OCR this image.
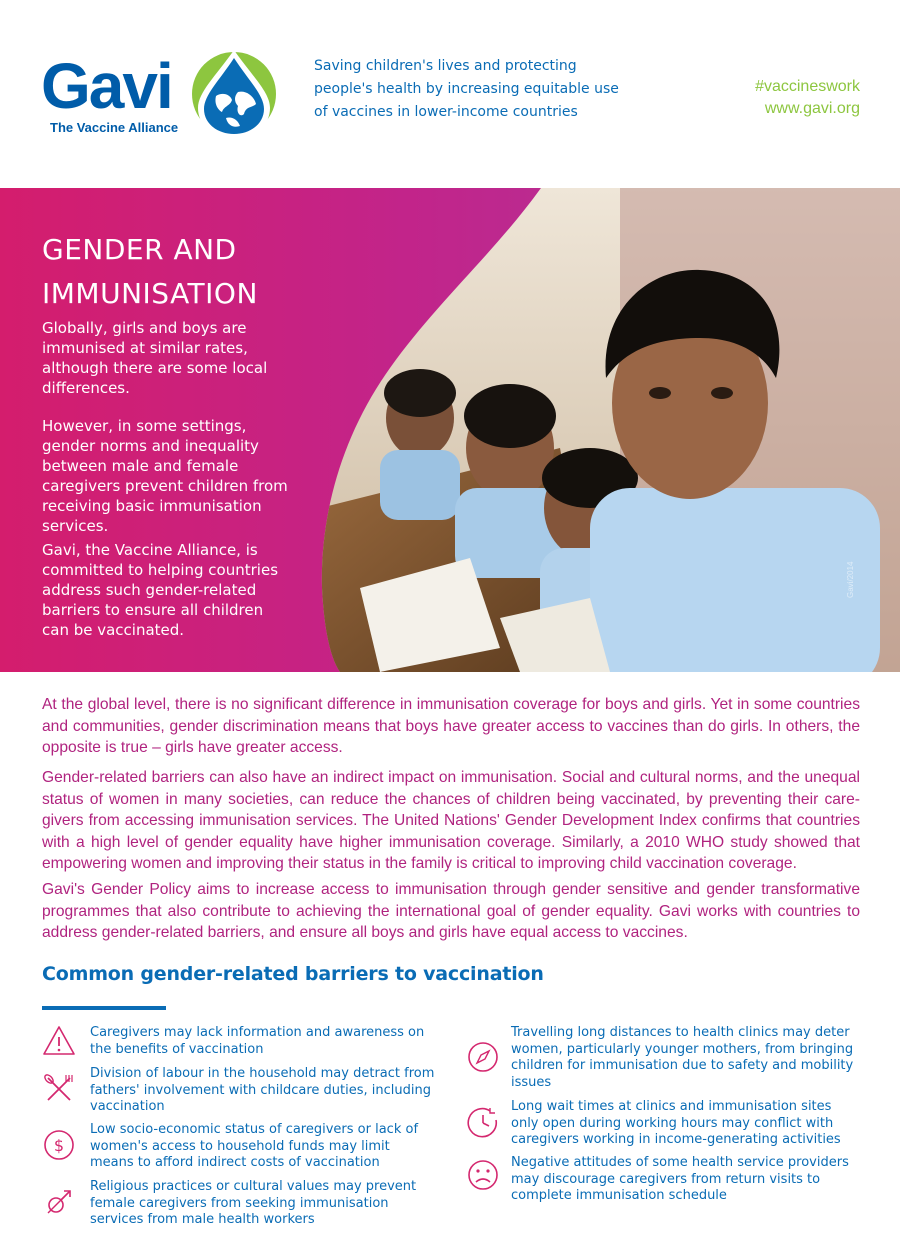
Gavi
The Vaccine Alliance
Saving children's lives and protecting people's health by increasing equitable use of vaccines in lower-income countries
#vaccineswork
www.gavi.org
GENDER AND
IMMUNISATION
Globally, girls and boys are immunised at similar rates, although there are some local differences.
However, in some settings, gender norms and inequality between male and female caregivers prevent children from receiving basic immunisation services.
Gavi, the Vaccine Alliance, is committed to helping countries address such gender-related barriers to ensure all children can be vaccinated.
Gavi/2014
At the global level, there is no significant difference in immunisation coverage for boys and girls. Yet in some countries and communities, gender discrimination means that boys have greater access to vaccines than do girls. In others, the opposite is true – girls have greater access.
Gender-related barriers can also have an indirect impact on immunisation. Social and cultural norms, and the unequal status of women in many societies, can reduce the chances of children being vaccinated, by preventing their care-givers from accessing immunisation services. The United Nations' Gender Development Index confirms that countries with a high level of gender equality have higher immunisation coverage. Similarly, a 2010 WHO study showed that empowering women and improving their status in the family is critical to improving child vaccination coverage.
Gavi's Gender Policy aims to increase access to immunisation through gender sensitive and gender transformative programmes that also contribute to achieving the international goal of gender equality. Gavi works with countries to address gender-related barriers, and ensure all boys and girls have equal access to vaccines.
Common gender-related barriers to vaccination
Caregivers may lack information and awareness on the benefits of vaccination
Division of labour in the household may detract from fathers' involvement with childcare duties, including vaccination
$
Low socio-economic status of caregivers or lack of women's access to household funds may limit means to afford indirect costs of vaccination
Religious practices or cultural values may prevent female caregivers from seeking immunisation services from male health workers
Travelling long distances to health clinics may deter women, particularly younger mothers, from bringing children for immunisation due to safety and mobility issues
Long wait times at clinics and immunisation sites only open during working hours may conflict with caregivers working in income-generating activities
Negative attitudes of some health service providers may discourage caregivers from return visits to complete immunisation schedule
